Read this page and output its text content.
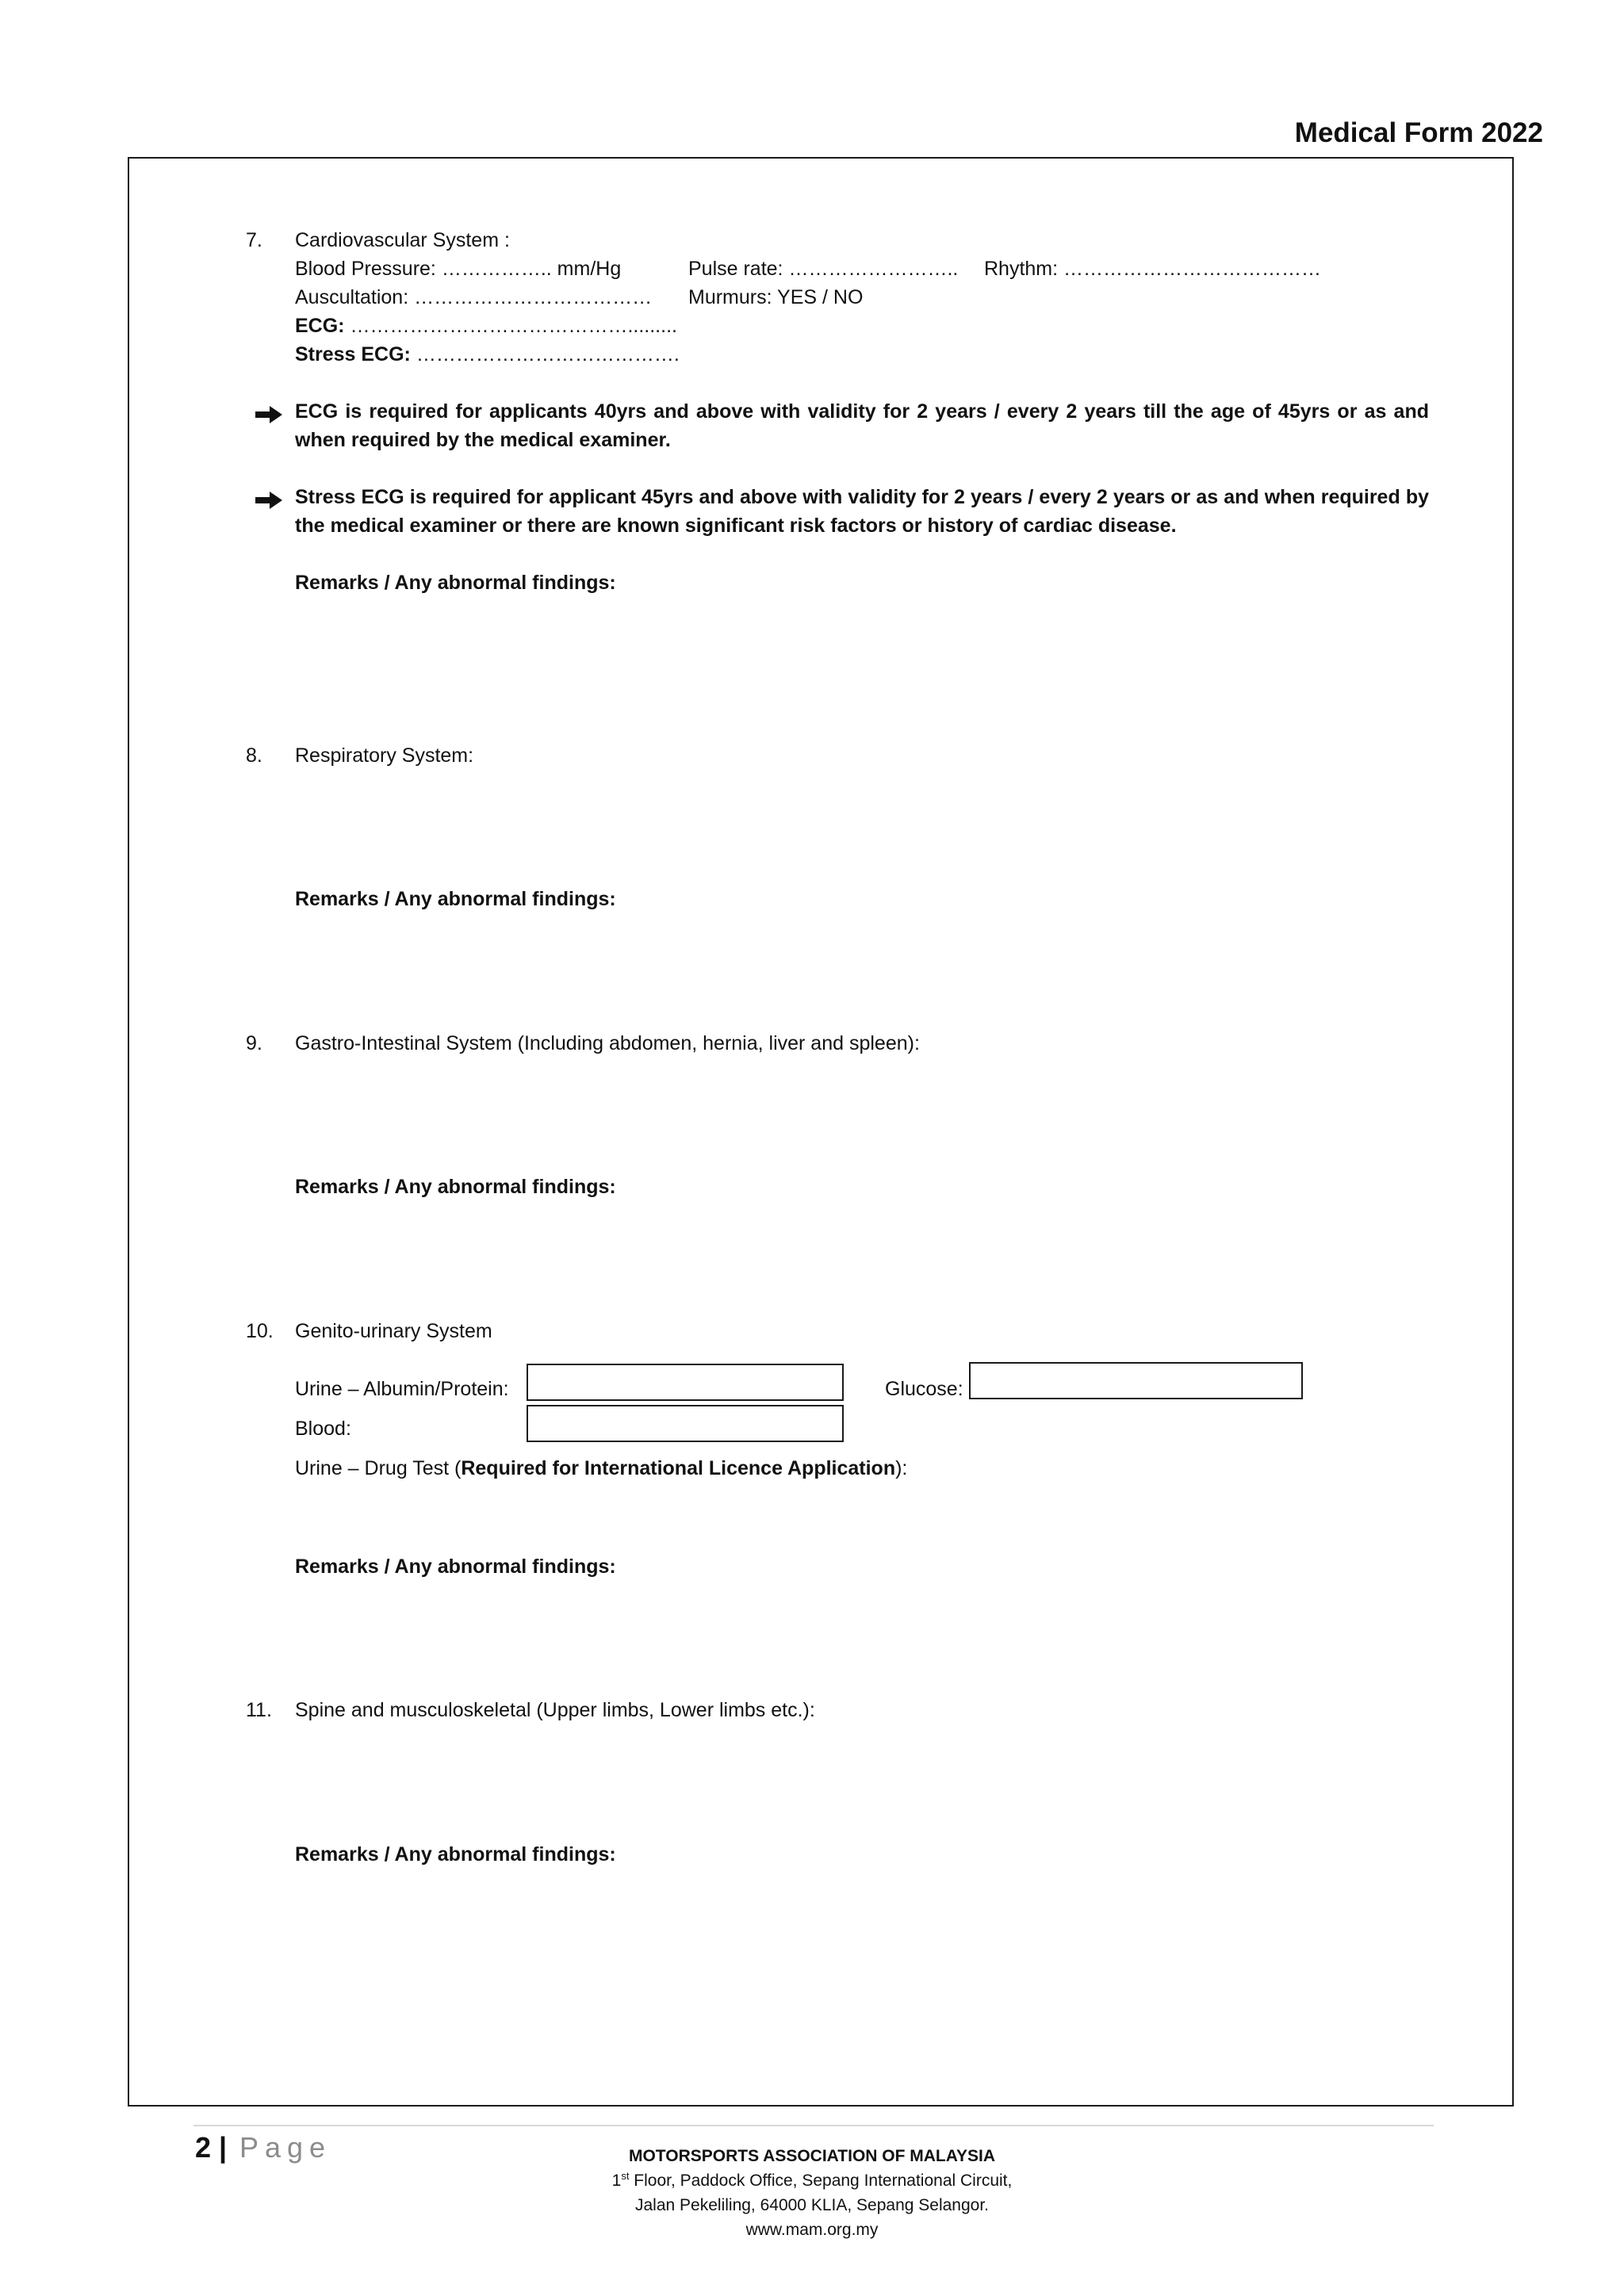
Medical Form 2022
7. Cardiovascular System :
Blood Pressure: …………….. mm/Hg	Pulse rate: …………………….. Rhythm: …………………………………
Auscultation: ……………………………… Murmurs: YES / NO
ECG: …………………………………….........
Stress ECG: ………………………………….
ECG is required for applicants 40yrs and above with validity for 2 years / every 2 years till the age of 45yrs or as and when required by the medical examiner.
Stress ECG is required for applicant 45yrs and above with validity for 2 years / every 2 years or as and when required by the medical examiner or there are known significant risk factors or history of cardiac disease.
Remarks / Any abnormal findings:
8. Respiratory System:
Remarks / Any abnormal findings:
9. Gastro-Intestinal System (Including abdomen, hernia, liver and spleen):
Remarks / Any abnormal findings:
10. Genito-urinary System
Urine – Albumin/Protein:	Glucose:
Blood:
Urine – Drug Test (Required for International Licence Application):
Remarks / Any abnormal findings:
11. Spine and musculoskeletal (Upper limbs, Lower limbs etc.):
Remarks / Any abnormal findings:
2 | Page	MOTORSPORTS ASSOCIATION OF MALAYSIA
1st Floor, Paddock Office, Sepang International Circuit,
Jalan Pekeliling, 64000 KLIA, Sepang Selangor.
www.mam.org.my
